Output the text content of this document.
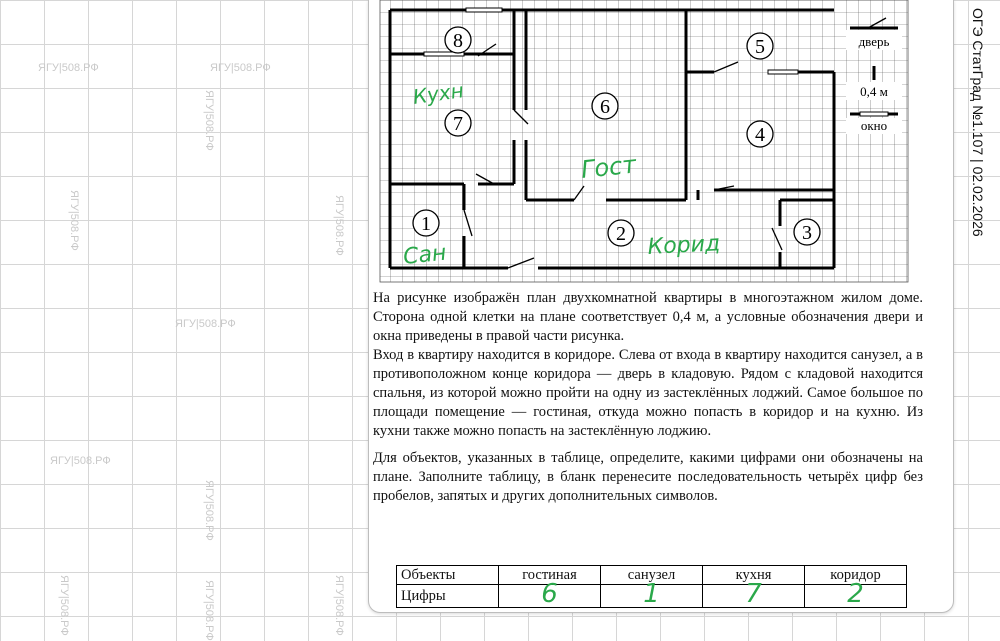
ЯГУ|508.РФ	ЯГУ|508.РФ
ЯГУ|508.РФ
ЯГУ|508.РФ
ЯГУ|508.РФ
ЯГУ|508.РФ
ЯГУ|508.РФ
ЯГУ|508.РФ
ЯГУ|508.РФ	ЯГУ|508.РФ
ЯГУ|508.РФ
8
7
1
6
2
5
4
3
дверь
0,4 м
окно
Кухн
Гост
Сан	Корид

На рисунке изображён план двухкомнатной квартиры в многоэтажном жилом доме. Сторона одной клетки на плане соответствует 0,4 м, а условные обозначения двери и окна приведены в правой части рисунка.

Вход в квартиру находится в коридоре. Слева от входа в квартиру находится санузел, а в противоположном конце коридора — дверь в кладовую. Рядом с кладовой находится спальня, из которой можно пройти на одну из застеклённых лоджий. Самое большое по площади помещение — гостиная, откуда можно попасть в коридор и на кухню. Из кухни также можно попасть на застеклённую лоджию.

Для объектов, указанных в таблице, определите, какими цифрами они обозначены на плане. Заполните таблицу, в бланк перенесите последовательность четырёх цифр без пробелов, запятых и других дополнительных символов.

Объекты	гостиная	санузел	кухня	коридор
Цифры	6	1	7	2
ОГЭ СтатГрад №1.107 | 02.02.2026
